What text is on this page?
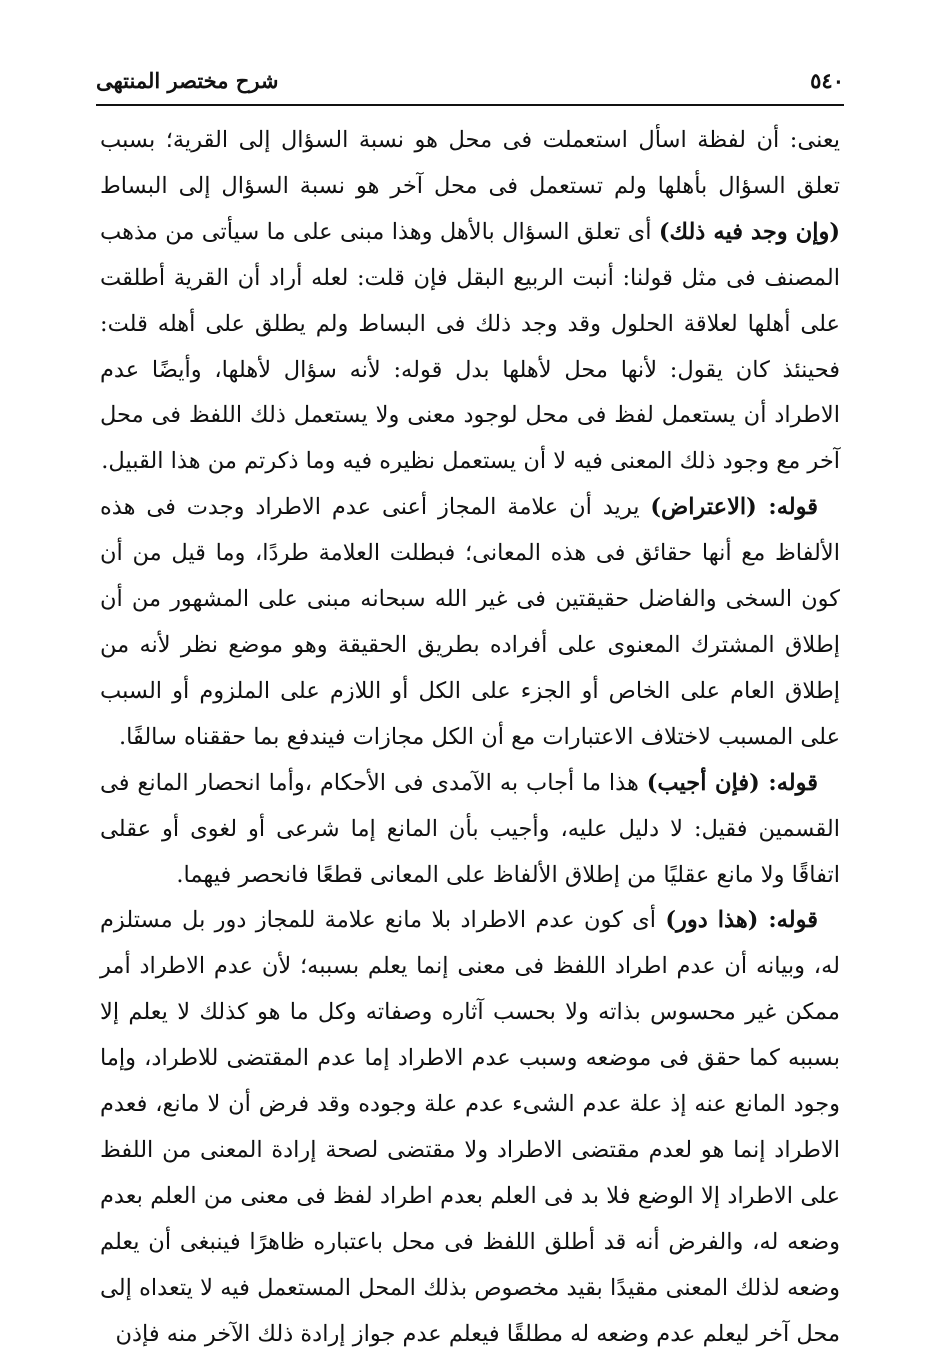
٥٤٠
شرح مختصر المنتهى

يعنى: أن لفظة اسأل استعملت فى محل هو نسبة السؤال إلى القرية؛ بسبب تعلق السؤال بأهلها ولم تستعمل فى محل آخر هو نسبة السؤال إلى البساط (وإن وجد فيه ذلك) أى تعلق السؤال بالأهل وهذا مبنى على ما سيأتى من مذهب المصنف فى مثل قولنا: أنبت الربيع البقل فإن قلت: لعله أراد أن القرية أطلقت على أهلها لعلاقة الحلول وقد وجد ذلك فى البساط ولم يطلق على أهله قلت: فحينئذ كان يقول: لأنها محل لأهلها بدل قوله: لأنه سؤال لأهلها، وأيضًا عدم الاطراد أن يستعمل لفظ فى محل لوجود معنى ولا يستعمل ذلك اللفظ فى محل آخر مع وجود ذلك المعنى فيه لا أن يستعمل نظيره فيه وما ذكرتم من هذا القبيل.

قوله: (الاعتراض) يريد أن علامة المجاز أعنى عدم الاطراد وجدت فى هذه الألفاظ مع أنها حقائق فى هذه المعانى؛ فبطلت العلامة طردًا، وما قيل من أن كون السخى والفاضل حقيقتين فى غير الله سبحانه مبنى على المشهور من أن إطلاق المشترك المعنوى على أفراده بطريق الحقيقة وهو موضع نظر لأنه من إطلاق العام على الخاص أو الجزء على الكل أو اللازم على الملزوم أو السبب على المسبب لاختلاف الاعتبارات مع أن الكل مجازات فيندفع بما حققناه سالفًا.

قوله: (فإن أجيب) هذا ما أجاب به الآمدى فى الأحكام ،وأما انحصار المانع فى القسمين فقيل: لا دليل عليه، وأجيب بأن المانع إما شرعى أو لغوى أو عقلى اتفاقًا ولا مانع عقليًا من إطلاق الألفاظ على المعانى قطعًا فانحصر فيهما.

قوله: (هذا دور) أى كون عدم الاطراد بلا مانع علامة للمجاز دور بل مستلزم له، وبيانه أن عدم اطراد اللفظ فى معنى إنما يعلم بسببه؛ لأن عدم الاطراد أمر ممكن غير محسوس بذاته ولا بحسب آثاره وصفاته وكل ما هو كذلك لا يعلم إلا بسببه كما حقق فى موضعه وسبب عدم الاطراد إما عدم المقتضى للاطراد، وإما وجود المانع عنه إذ علة عدم الشىء عدم علة وجوده وقد فرض أن لا مانع، فعدم الاطراد إنما هو لعدم مقتضى الاطراد ولا مقتضى لصحة إرادة المعنى من اللفظ على الاطراد إلا الوضع فلا بد فى العلم بعدم اطراد لفظ فى معنى من العلم بعدم وضعه له، والفرض أنه قد أطلق اللفظ فى محل باعتباره ظاهرًا فينبغى أن يعلم وضعه لذلك المعنى مقيدًا بقيد مخصوص بذلك المحل المستعمل فيه لا يتعداه إلى محل آخر ليعلم عدم وضعه له مطلقًا فيعلم عدم جواز إرادة ذلك الآخر منه فإذن
